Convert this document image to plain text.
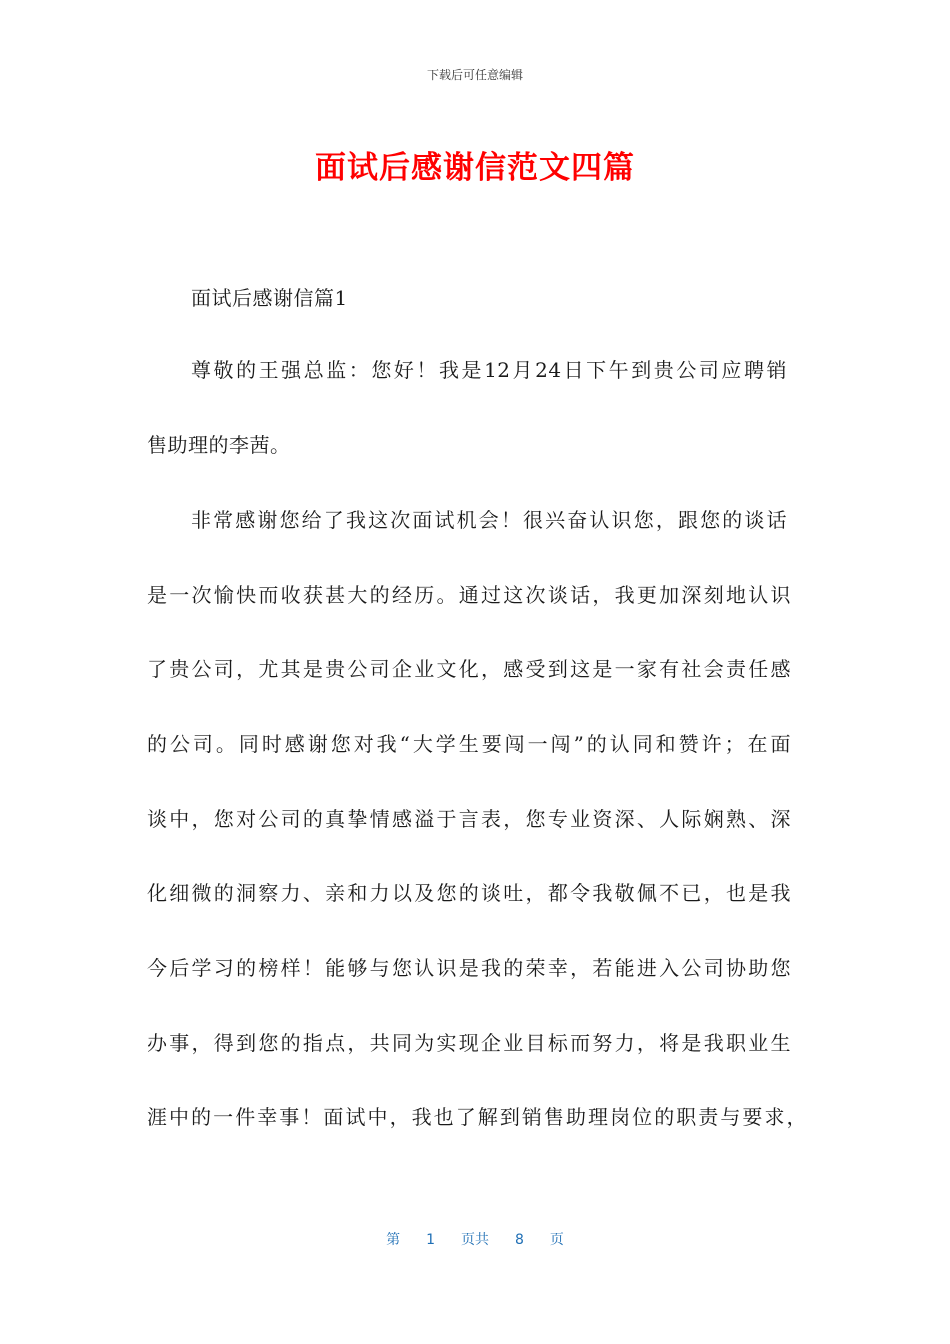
下载后可任意编辑
面试后感谢信范文四篇
面试后感谢信篇1
尊敬的王强总监：您好！我是12月24日下午到贵公司应聘销
售助理的李茜。
非常感谢您给了我这次面试机会！很兴奋认识您，跟您的谈话
是一次愉快而收获甚大的经历。通过这次谈话，我更加深刻地认识
了贵公司，尤其是贵公司企业文化，感受到这是一家有社会责任感
的公司。同时感谢您对我“大学生要闯一闯”的认同和赞许；在面
谈中，您对公司的真挚情感溢于言表，您专业资深、人际娴熟、深
化细微的洞察力、亲和力以及您的谈吐，都令我敬佩不已，也是我
今后学习的榜样！能够与您认识是我的荣幸，若能进入公司协助您
办事，得到您的指点，共同为实现企业目标而努力，将是我职业生
涯中的一件幸事！面试中，我也了解到销售助理岗位的职责与要求，
第 1 页共 8 页
